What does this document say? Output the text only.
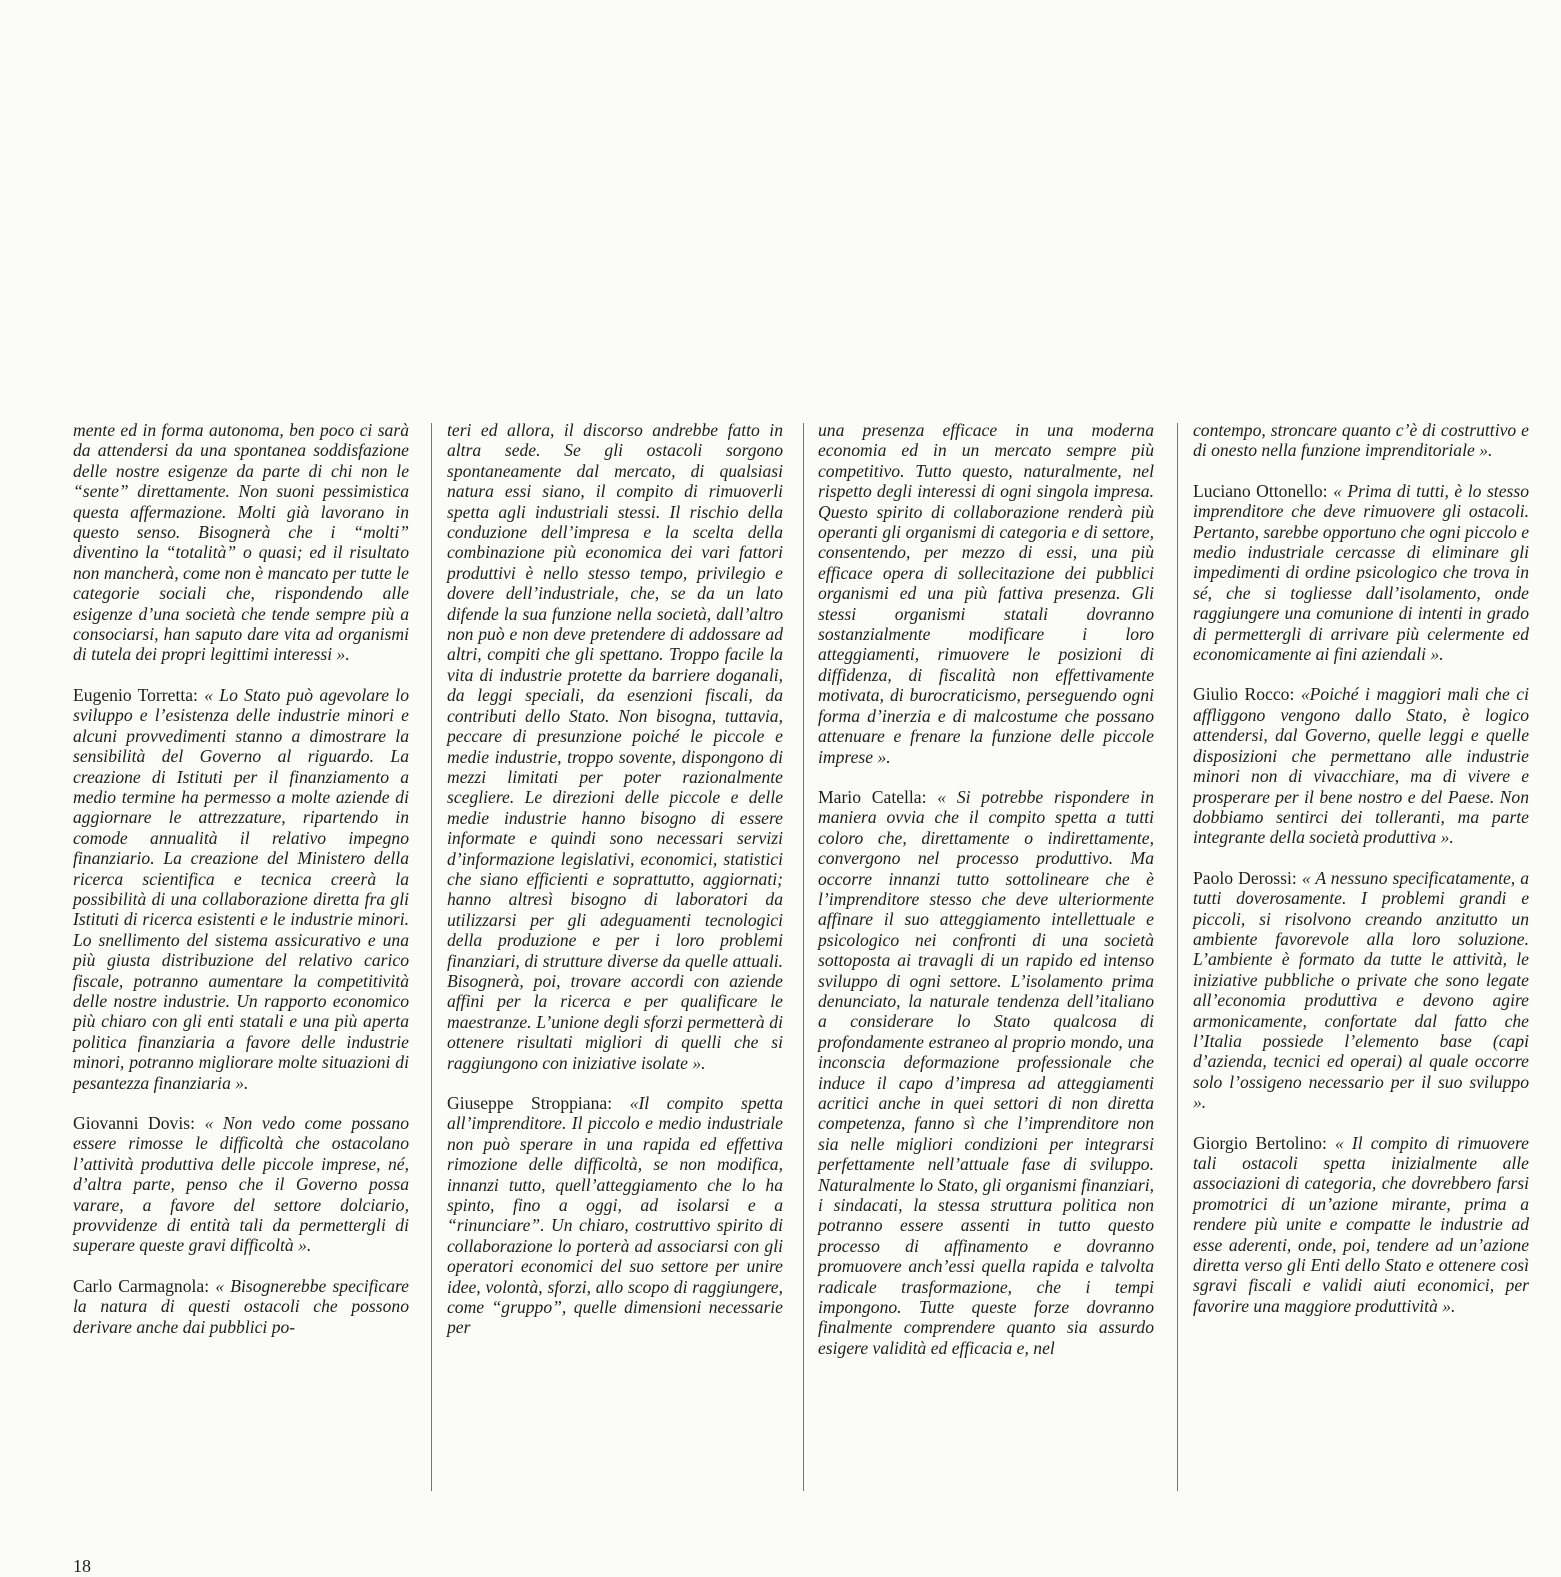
mente ed in forma autonoma, ben poco ci sarà da attendersi da una spontanea soddisfazione delle nostre esigenze da parte di chi non le “sente” direttamente. Non suoni pessimistica questa affermazione. Molti già lavorano in questo senso. Bisognerà che i “molti” diventino la “totalità” o quasi; ed il risultato non mancherà, come non è mancato per tutte le categorie sociali che, rispondendo alle esigenze d’una società che tende sempre più a consociarsi, han saputo dare vita ad organismi di tutela dei propri legittimi interessi ».

Eugenio Torretta: « Lo Stato può agevolare lo sviluppo e l’esistenza delle industrie minori e alcuni provvedimenti stanno a dimostrare la sensibilità del Governo al riguardo. La creazione di Istituti per il finanziamento a medio termine ha permesso a molte aziende di aggiornare le attrezzature, ripartendo in comode annualità il relativo impegno finanziario. La creazione del Ministero della ricerca scientifica e tecnica creerà la possibilità di una collaborazione diretta fra gli Istituti di ricerca esistenti e le industrie minori. Lo snellimento del sistema assicurativo e una più giusta distribuzione del relativo carico fiscale, potranno aumentare la competitività delle nostre industrie. Un rapporto economico più chiaro con gli enti statali e una più aperta politica finanziaria a favore delle industrie minori, potranno migliorare molte situazioni di pesantezza finanziaria ».

Giovanni Dovis: « Non vedo come possano essere rimosse le difficoltà che ostacolano l’attività produttiva delle piccole imprese, né, d’altra parte, penso che il Governo possa varare, a favore del settore dolciario, provvidenze di entità tali da permettergli di superare queste gravi difficoltà ».

Carlo Carmagnola: « Bisognerebbe specificare la natura di questi ostacoli che possono derivare anche dai pubblici po-

teri ed allora, il discorso andrebbe fatto in altra sede. Se gli ostacoli sorgono spontaneamente dal mercato, di qualsiasi natura essi siano, il compito di rimuoverli spetta agli industriali stessi. Il rischio della conduzione dell’impresa e la scelta della combinazione più economica dei vari fattori produttivi è nello stesso tempo, privilegio e dovere dell’industriale, che, se da un lato difende la sua funzione nella società, dall’altro non può e non deve pretendere di addossare ad altri, compiti che gli spettano. Troppo facile la vita di industrie protette da barriere doganali, da leggi speciali, da esenzioni fiscali, da contributi dello Stato. Non bisogna, tuttavia, peccare di presunzione poiché le piccole e medie industrie, troppo sovente, dispongono di mezzi limitati per poter razionalmente scegliere. Le direzioni delle piccole e delle medie industrie hanno bisogno di essere informate e quindi sono necessari servizi d’informazione legislativi, economici, statistici che siano efficienti e soprattutto, aggiornati; hanno altresì bisogno di laboratori da utilizzarsi per gli adeguamenti tecnologici della produzione e per i loro problemi finanziari, di strutture diverse da quelle attuali. Bisognerà, poi, trovare accordi con aziende affini per la ricerca e per qualificare le maestranze. L’unione degli sforzi permetterà di ottenere risultati migliori di quelli che si raggiungono con iniziative isolate ».

Giuseppe Stroppiana: «Il compito spetta all’imprenditore. Il piccolo e medio industriale non può sperare in una rapida ed effettiva rimozione delle difficoltà, se non modifica, innanzi tutto, quell’atteggiamento che lo ha spinto, fino a oggi, ad isolarsi e a “rinunciare”. Un chiaro, costruttivo spirito di collaborazione lo porterà ad associarsi con gli operatori economici del suo settore per unire idee, volontà, sforzi, allo scopo di raggiungere, come “gruppo”, quelle dimensioni necessarie per

una presenza efficace in una moderna economia ed in un mercato sempre più competitivo. Tutto questo, naturalmente, nel rispetto degli interessi di ogni singola impresa. Questo spirito di collaborazione renderà più operanti gli organismi di categoria e di settore, consentendo, per mezzo di essi, una più efficace opera di sollecitazione dei pubblici organismi ed una più fattiva presenza. Gli stessi organismi statali dovranno sostanzialmente modificare i loro atteggiamenti, rimuovere le posizioni di diffidenza, di fiscalità non effettivamente motivata, di burocraticismo, perseguendo ogni forma d’inerzia e di malcostume che possano attenuare e frenare la funzione delle piccole imprese ».

Mario Catella: « Si potrebbe rispondere in maniera ovvia che il compito spetta a tutti coloro che, direttamente o indirettamente, convergono nel processo produttivo. Ma occorre innanzi tutto sottolineare che è l’imprenditore stesso che deve ulteriormente affinare il suo atteggiamento intellettuale e psicologico nei confronti di una società sottoposta ai travagli di un rapido ed intenso sviluppo di ogni settore. L’isolamento prima denunciato, la naturale tendenza dell’italiano a considerare lo Stato qualcosa di profondamente estraneo al proprio mondo, una inconscia deformazione professionale che induce il capo d’impresa ad atteggiamenti acritici anche in quei settori di non diretta competenza, fanno sì che l’imprenditore non sia nelle migliori condizioni per integrarsi perfettamente nell’attuale fase di sviluppo. Naturalmente lo Stato, gli organismi finanziari, i sindacati, la stessa struttura politica non potranno essere assenti in tutto questo processo di affinamento e dovranno promuovere anch’essi quella rapida e talvolta radicale trasformazione, che i tempi impongono. Tutte queste forze dovranno finalmente comprendere quanto sia assurdo esigere validità ed efficacia e, nel

contempo, stroncare quanto c’è di costruttivo e di onesto nella funzione imprenditoriale ».

Luciano Ottonello: « Prima di tutti, è lo stesso imprenditore che deve rimuovere gli ostacoli. Pertanto, sarebbe opportuno che ogni piccolo e medio industriale cercasse di eliminare gli impedimenti di ordine psicologico che trova in sé, che si togliesse dall’isolamento, onde raggiungere una comunione di intenti in grado di permettergli di arrivare più celermente ed economicamente ai fini aziendali ».

Giulio Rocco: «Poiché i maggiori mali che ci affliggono vengono dallo Stato, è logico attendersi, dal Governo, quelle leggi e quelle disposizioni che permettano alle industrie minori non di vivacchiare, ma di vivere e prosperare per il bene nostro e del Paese. Non dobbiamo sentirci dei tolleranti, ma parte integrante della società produttiva ».

Paolo Derossi: « A nessuno specificatamente, a tutti doverosamente. I problemi grandi e piccoli, si risolvono creando anzitutto un ambiente favorevole alla loro soluzione. L’ambiente è formato da tutte le attività, le iniziative pubbliche o private che sono legate all’economia produttiva e devono agire armonicamente, confortate dal fatto che l’Italia possiede l’elemento base (capi d’azienda, tecnici ed operai) al quale occorre solo l’ossigeno necessario per il suo sviluppo ».

Giorgio Bertolino: « Il compito di rimuovere tali ostacoli spetta inizialmente alle associazioni di categoria, che dovrebbero farsi promotrici di un’azione mirante, prima a rendere più unite e compatte le industrie ad esse aderenti, onde, poi, tendere ad un’azione diretta verso gli Enti dello Stato e ottenere così sgravi fiscali e validi aiuti economici, per favorire una maggiore produttività ».

18
